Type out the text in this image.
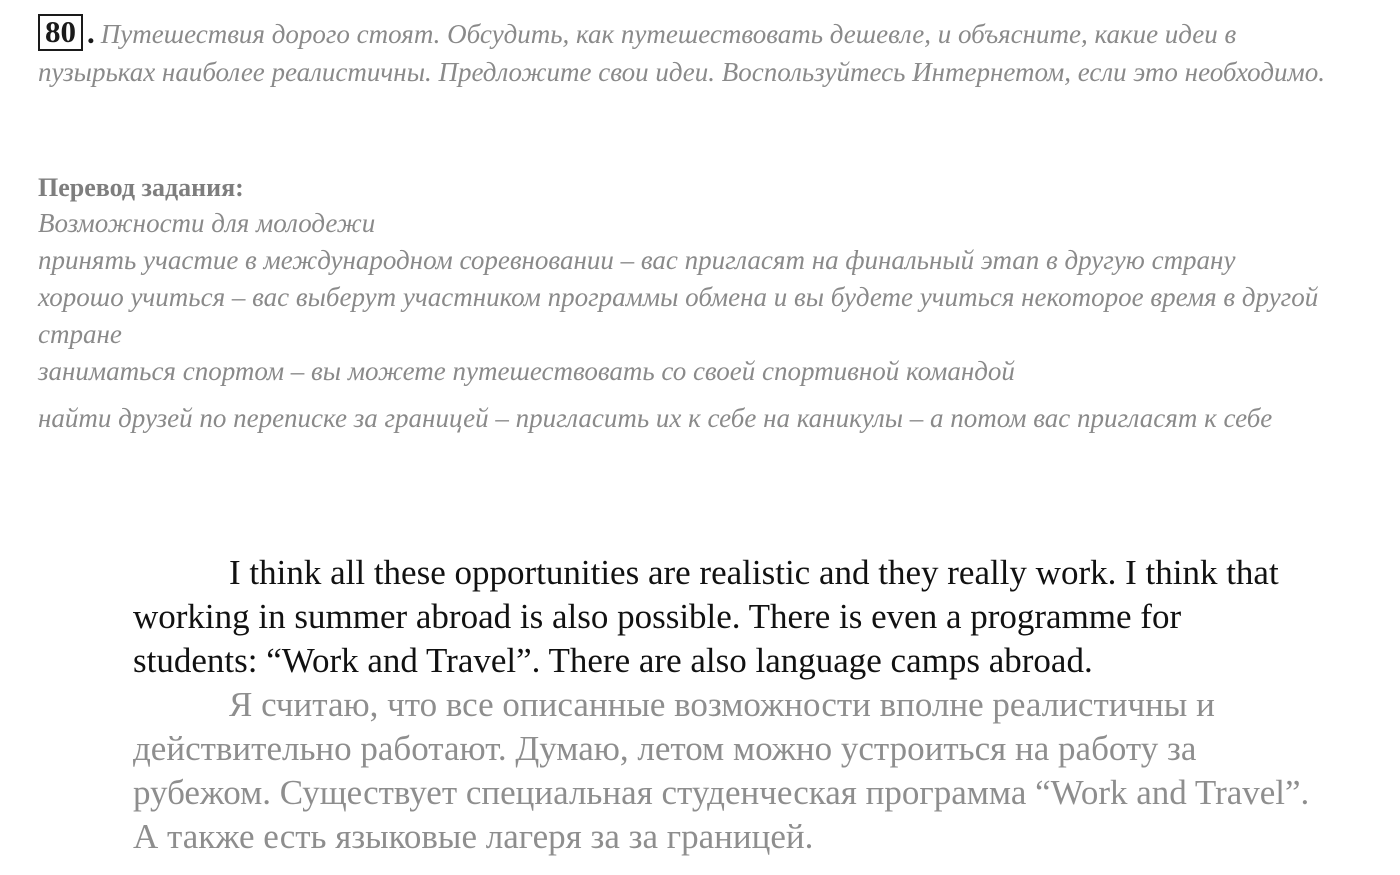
80 . Путешествия дорого стоят. Обсудить, как путешествовать дешевле, и объясните, какие идеи в пузырьках наиболее реалистичны. Предложите свои идеи. Воспользуйтесь Интернетом, если это необходимо.
Перевод задания:

Возможности для молодежи

принять участие в международном соревновании – вас пригласят на финальный этап в другую страну

хорошо учиться – вас выберут участником программы обмена и вы будете учиться некоторое время в другой стране

заниматься спортом – вы можете путешествовать со своей спортивной командой

найти друзей по переписке за границей – пригласить их к себе на каникулы – а потом вас пригласят к себе

I think all these opportunities are realistic and they really work. I think that working in summer abroad is also possible. There is even a programme for students: “Work and Travel”. There are also language camps abroad.

Я считаю, что все описанные возможности вполне реалистичны и действительно работают. Думаю, летом можно устроиться на работу за рубежом. Существует специальная студенческая программа “Work and Travel”. А также есть языковые лагеря за за границей.
